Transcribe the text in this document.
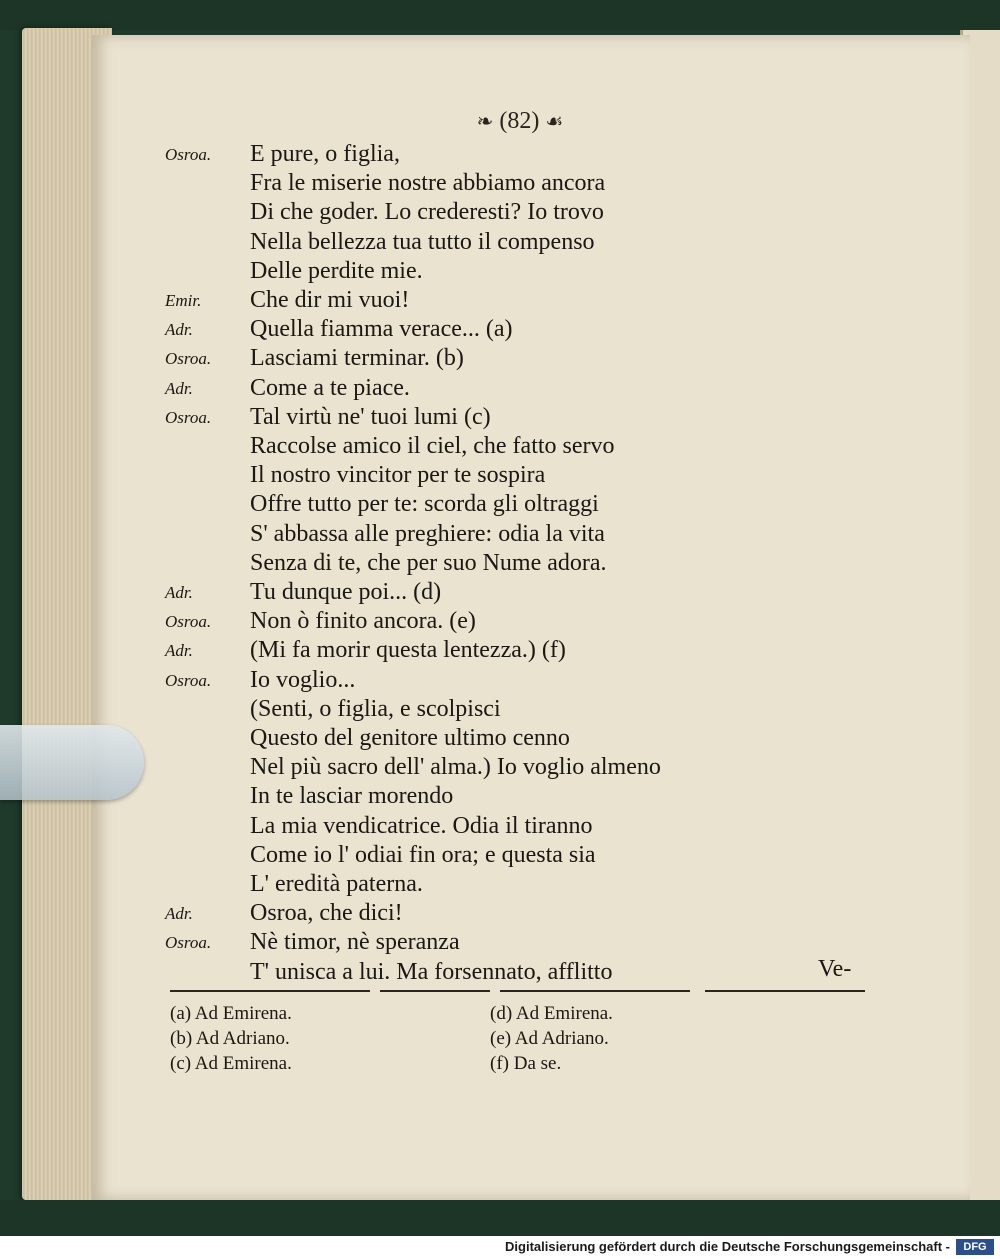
❧ (82) ☙
Osroa. E pure, o figlia,
Fra le miserie nostre abbiamo ancora
Di che goder. Lo crederesti? Io trovo
Nella bellezza tua tutto il compenso
Delle perdite mie.
Emir. Che dir mi vuoi!
Adr. Quella fiamma verace... (a)
Osroa. Lasciami terminar. (b)
Adr. Come a te piace.
Osroa. Tal virtù ne' tuoi lumi (c)
Raccolse amico il ciel, che fatto servo
Il nostro vincitor per te sospira
Offre tutto per te: scorda gli oltraggi
S' abbassa alle preghiere: odia la vita
Senza di te, che per suo Nume adora.
Adr. Tu dunque poi... (d)
Osroa. Non ò finito ancora. (e)
Adr. (Mi fa morir questa lentezza.) (f)
Osroa. Io voglio...
(Senti, o figlia, e scolpisci
Questo del genitore ultimo cenno
Nel più sacro dell' alma.) Io voglio almeno
In te lasciar morendo
La mia vendicatrice. Odia il tiranno
Come io l' odiai fin ora; e questa sia
L' eredità paterna.
Adr. Osroa, che dici!
Osroa. Nè timor, nè speranza
T' unisca a lui. Ma forsennato, afflitto	Ve-
(a) Ad Emirena.
(b) Ad Adriano.
(c) Ad Emirena.
(d) Ad Emirena.
(e) Ad Adriano.
(f) Da se.
Digitalisierung gefördert durch die Deutsche Forschungsgemeinschaft -	DFG
